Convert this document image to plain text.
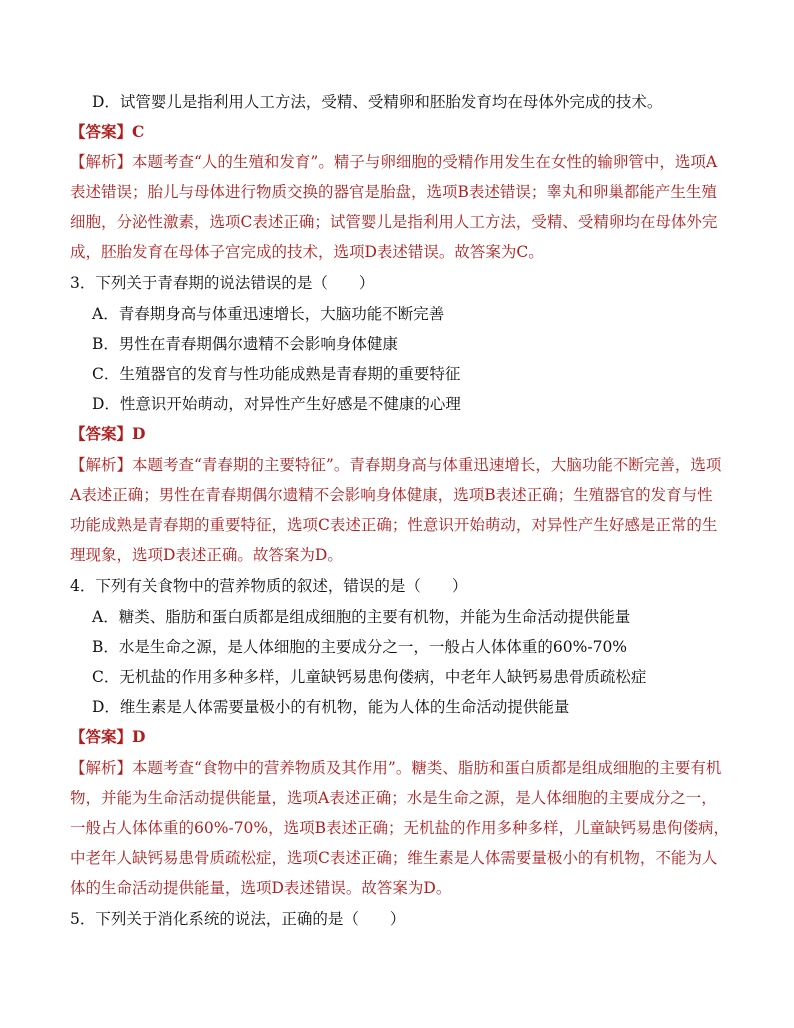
D．试管婴儿是指利用人工方法，受精、受精卵和胚胎发育均在母体外完成的技术。
【答案】C
【解析】本题考查“人的生殖和发育”。精子与卵细胞的受精作用发生在女性的输卵管中，选项A
表述错误；胎儿与母体进行物质交换的器官是胎盘，选项B表述错误；睾丸和卵巢都能产生生殖
细胞，分泌性激素，选项C表述正确；试管婴儿是指利用人工方法，受精、受精卵均在母体外完
成，胚胎发育在母体子宫完成的技术，选项D表述错误。故答案为C。
3．下列关于青春期的说法错误的是（　　）
A．青春期身高与体重迅速增长，大脑功能不断完善
B．男性在青春期偶尔遗精不会影响身体健康
C．生殖器官的发育与性功能成熟是青春期的重要特征
D．性意识开始萌动，对异性产生好感是不健康的心理
【答案】D
【解析】本题考查“青春期的主要特征”。青春期身高与体重迅速增长，大脑功能不断完善，选项
A表述正确；男性在青春期偶尔遗精不会影响身体健康，选项B表述正确；生殖器官的发育与性
功能成熟是青春期的重要特征，选项C表述正确；性意识开始萌动，对异性产生好感是正常的生
理现象，选项D表述正确。故答案为D。
4．下列有关食物中的营养物质的叙述，错误的是（　　）
A．糖类、脂肪和蛋白质都是组成细胞的主要有机物，并能为生命活动提供能量
B．水是生命之源，是人体细胞的主要成分之一，一般占人体体重的60%-70%
C．无机盐的作用多种多样，儿童缺钙易患佝偻病，中老年人缺钙易患骨质疏松症
D．维生素是人体需要量极小的有机物，能为人体的生命活动提供能量
【答案】D
【解析】本题考查“食物中的营养物质及其作用”。糖类、脂肪和蛋白质都是组成细胞的主要有机
物，并能为生命活动提供能量，选项A表述正确；水是生命之源，是人体细胞的主要成分之一，
一般占人体体重的60%-70%，选项B表述正确；无机盐的作用多种多样，儿童缺钙易患佝偻病，
中老年人缺钙易患骨质疏松症，选项C表述正确；维生素是人体需要量极小的有机物，不能为人
体的生命活动提供能量，选项D表述错误。故答案为D。
5．下列关于消化系统的说法，正确的是（　　）
